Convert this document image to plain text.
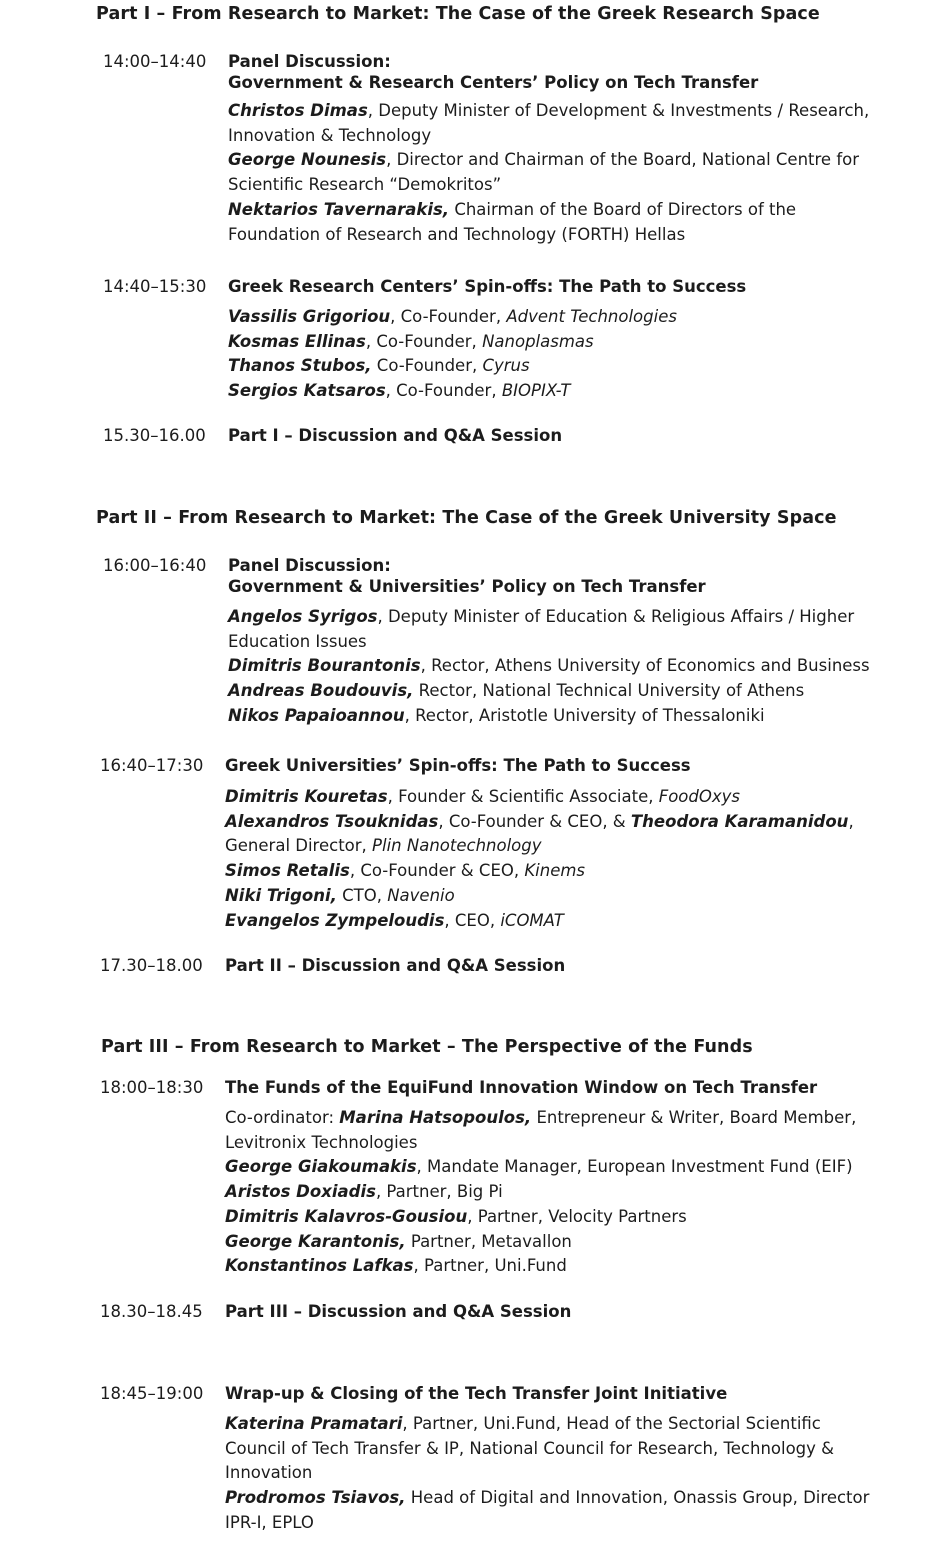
Part I – From Research to Market: The Case of the Greek Research Space
14:00–14:40 Panel Discussion:
Government & Research Centers’ Policy on Tech Transfer
Christos Dimas, Deputy Minister of Development & Investments / Research, Innovation & Technology
George Nounesis, Director and Chairman of the Board, National Centre for Scientific Research “Demokritos”
Nektarios Tavernarakis, Chairman of the Board of Directors of the Foundation of Research and Technology (FORTH) Hellas
14:40–15:30 Greek Research Centers’ Spin-offs: The Path to Success
Vassilis Grigoriou, Co-Founder, Advent Technologies
Kosmas Ellinas, Co-Founder, Nanoplasmas
Thanos Stubos, Co-Founder, Cyrus
Sergios Katsaros, Co-Founder, BIOPIX-T
15.30–16.00 Part I – Discussion and Q&A Session
Part II – From Research to Market: The Case of the Greek University Space
16:00–16:40 Panel Discussion:
Government & Universities’ Policy on Tech Transfer
Angelos Syrigos, Deputy Minister of Education & Religious Affairs / Higher Education Issues
Dimitris Bourantonis, Rector, Athens University of Economics and Business
Andreas Boudouvis, Rector, National Technical University of Athens
Nikos Papaioannou, Rector, Aristotle University of Thessaloniki
16:40–17:30 Greek Universities’ Spin-offs: The Path to Success
Dimitris Kouretas, Founder & Scientific Associate, FoodOxys
Alexandros Tsouknidas, Co-Founder & CEO, & Theodora Karamanidou, General Director, Plin Nanotechnology
Simos Retalis, Co-Founder & CEO, Kinems
Niki Trigoni, CTO, Navenio
Evangelos Zympeloudis, CEO, iCOMAT
17.30–18.00 Part II – Discussion and Q&A Session
Part III – From Research to Market – The Perspective of the Funds
18:00–18:30 The Funds of the EquiFund Innovation Window on Tech Transfer
Co-ordinator: Marina Hatsopoulos, Entrepreneur & Writer, Board Member, Levitronix Technologies
George Giakoumakis, Mandate Manager, European Investment Fund (EIF)
Aristos Doxiadis, Partner, Big Pi
Dimitris Kalavros-Gousiou, Partner, Velocity Partners
George Karantonis, Partner, Metavallon
Konstantinos Lafkas, Partner, Uni.Fund
18.30–18.45 Part III – Discussion and Q&A Session
18:45–19:00 Wrap-up & Closing of the Tech Transfer Joint Initiative
Katerina Pramatari, Partner, Uni.Fund, Head of the Sectorial Scientific Council of Tech Transfer & IP, National Council for Research, Technology & Innovation
Prodromos Tsiavos, Head of Digital and Innovation, Onassis Group, Director IPR-I, EPLO
